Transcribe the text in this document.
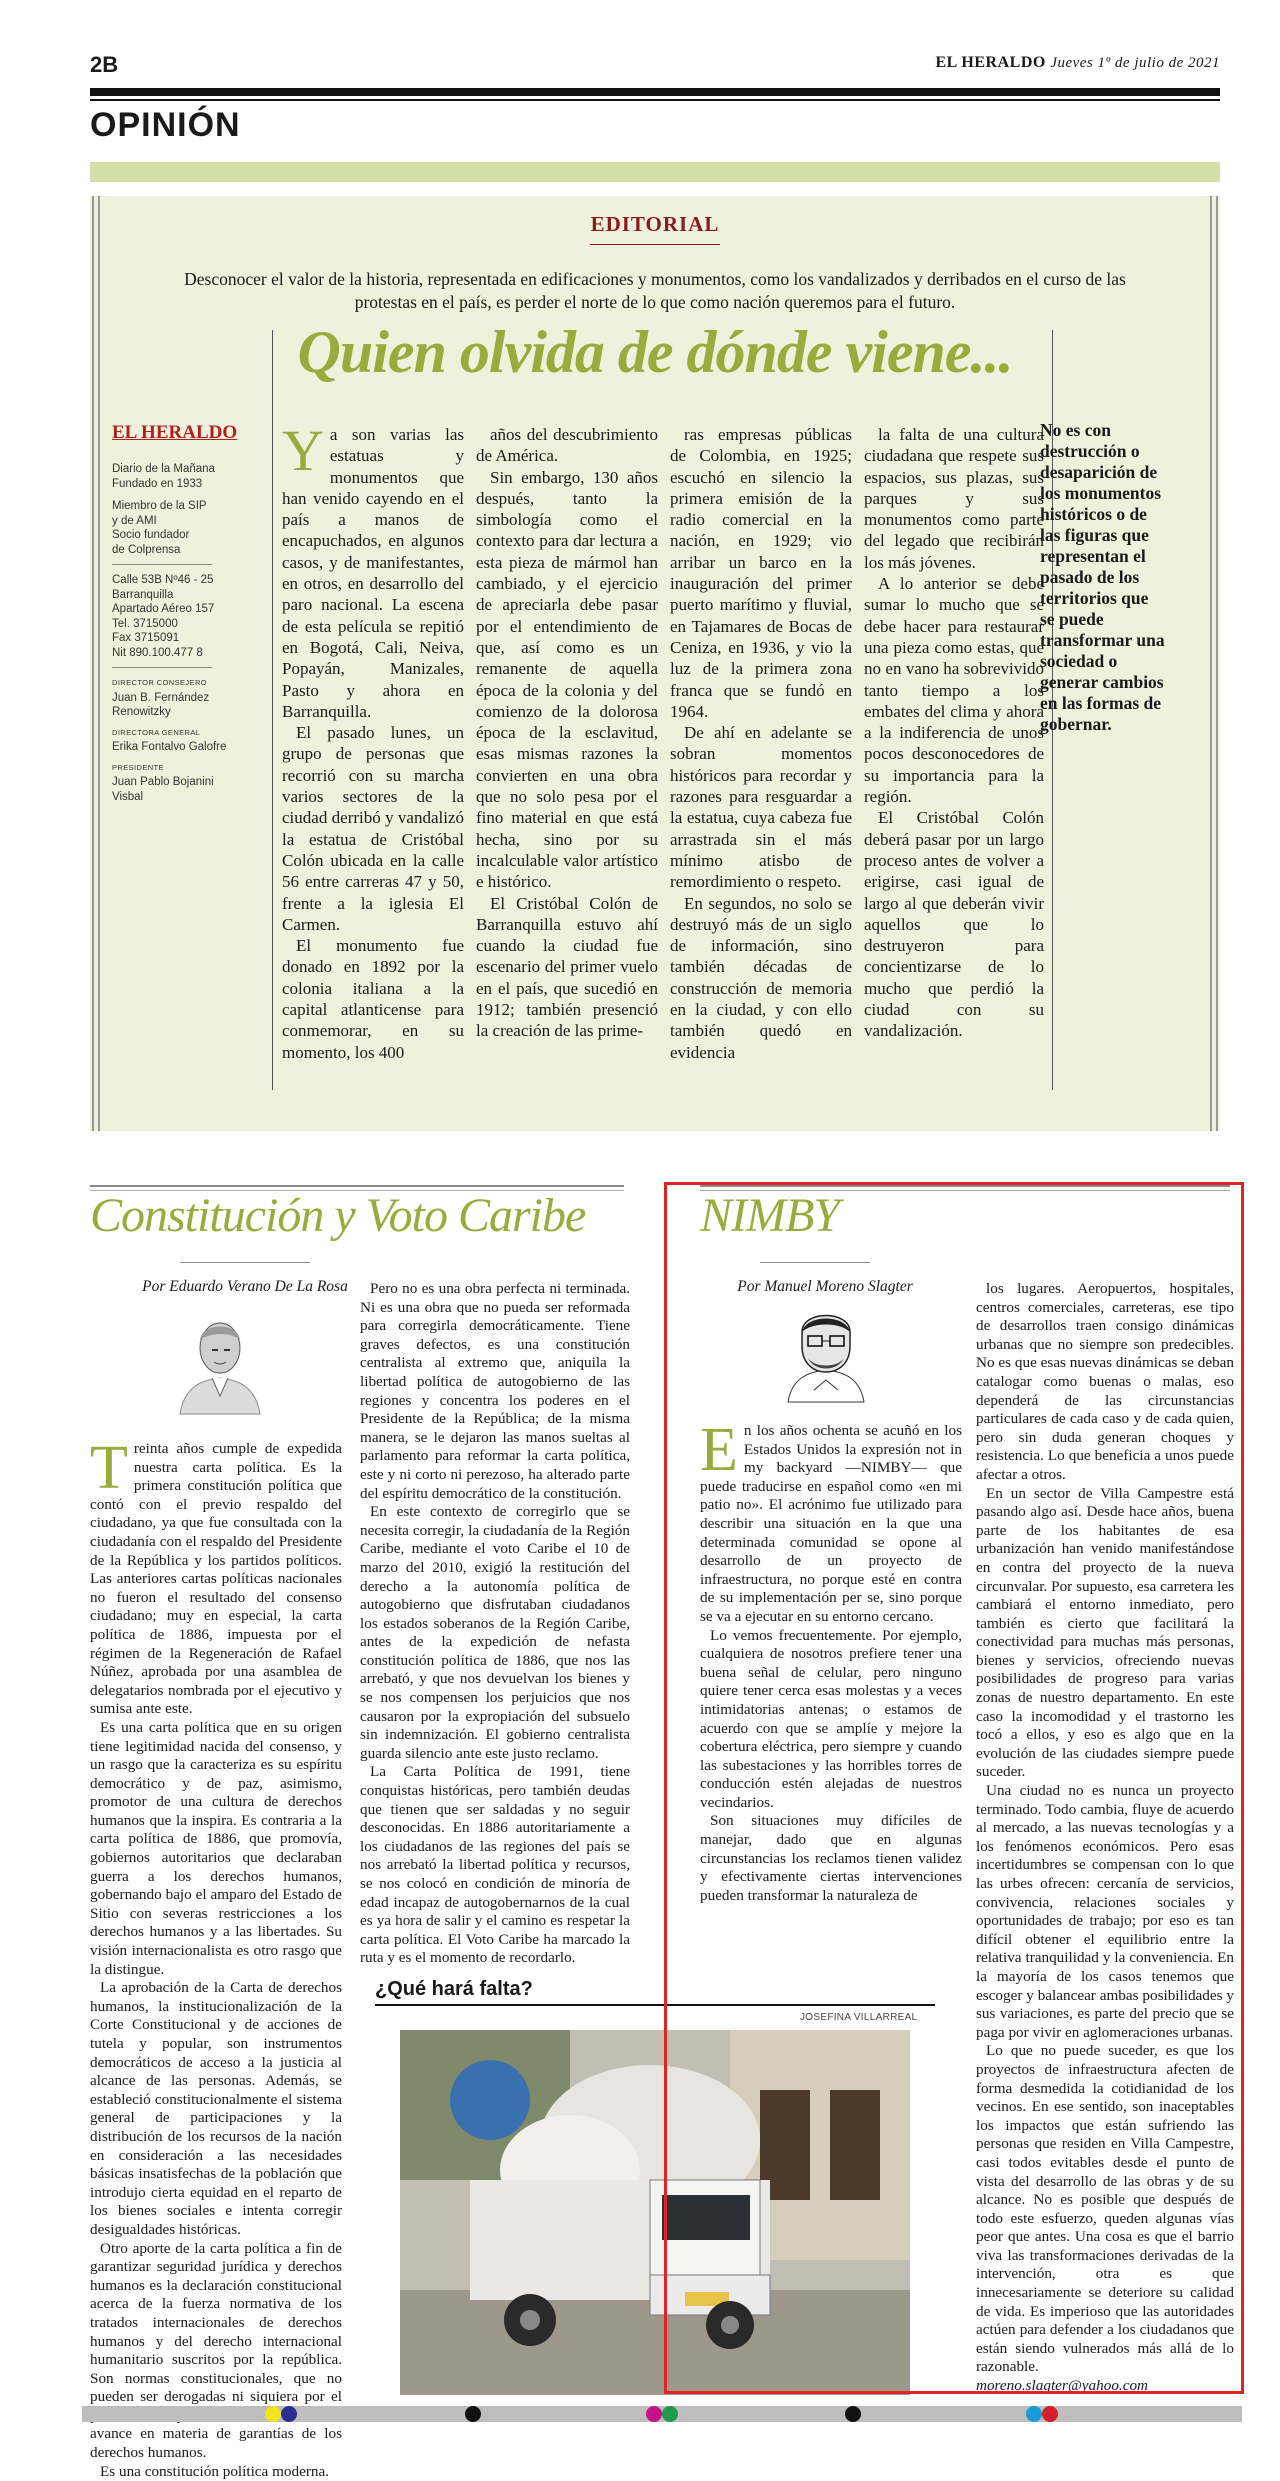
2B	EL HERALDO Jueves 1º de julio de 2021
OPINIÓN
EDITORIAL
Desconocer el valor de la historia, representada en edificaciones y monumentos, como los vandalizados y derribados en el curso de las protestas en el país, es perder el norte de lo que como nación queremos para el futuro.
Quien olvida de dónde viene...
EL HERALDO
Diario de la Mañana
Fundado en 1933
Miembro de la SIP
y de AMI
Socio fundador
de Colprensa
Calle 53B Nº46 - 25
Barranquilla
Apartado Aéreo 157
Tel. 3715000
Fax 3715091
Nit 890.100.477 8
DIRECTOR CONSEJERO
Juan B. Fernández
Renowitzky
DIRECTORA GENERAL
Erika Fontalvo Galofre
PRESIDENTE
Juan Pablo Bojanini
Visbal

Ya son varias las estatuas y monumentos que han venido cayendo en el país a manos de encapuchados, en algunos casos, y de manifestantes, en otros, en desarrollo del paro nacional. La escena de esta película se repitió en Bogotá, Cali, Neiva, Popayán, Manizales, Pasto y ahora en Barranquilla.

El pasado lunes, un grupo de personas que recorrió con su marcha varios sectores de la ciudad derribó y vandalizó la estatua de Cristóbal Colón ubicada en la calle 56 entre carreras 47 y 50, frente a la iglesia El Carmen.

El monumento fue donado en 1892 por la colonia italiana a la capital atlanticense para conmemorar, en su momento, los 400

años del descubrimiento de América.

Sin embargo, 130 años después, tanto la simbología como el contexto para dar lectura a esta pieza de mármol han cambiado, y el ejercicio de apreciarla debe pasar por el entendimiento de que, así como es un remanente de aquella época de la colonia y del comienzo de la dolorosa época de la esclavitud, esas mismas razones la convierten en una obra que no solo pesa por el fino material en que está hecha, sino por su incalculable valor artístico e histórico.

El Cristóbal Colón de Barranquilla estuvo ahí cuando la ciudad fue escenario del primer vuelo en el país, que sucedió en 1912; también presenció la creación de las prime-

ras empresas públicas de Colombia, en 1925; escuchó en silencio la primera emisión de la radio comercial en la nación, en 1929; vio arribar un barco en la inauguración del primer puerto marítimo y fluvial, en Tajamares de Bocas de Ceniza, en 1936, y vio la luz de la primera zona franca que se fundó en 1964.

De ahí en adelante se sobran momentos históricos para recordar y razones para resguardar a la estatua, cuya cabeza fue arrastrada sin el más mínimo atisbo de remordimiento o respeto.

En segundos, no solo se destruyó más de un siglo de información, sino también décadas de construcción de memoria en la ciudad, y con ello también quedó en evidencia

la falta de una cultura ciudadana que respete sus espacios, sus plazas, sus parques y sus monumentos como parte del legado que recibirán los más jóvenes.

A lo anterior se debe sumar lo mucho que se debe hacer para restaurar una pieza como estas, que no en vano ha sobrevivido tanto tiempo a los embates del clima y ahora a la indiferencia de unos pocos desconocedores de su importancia para la región.

El Cristóbal Colón deberá pasar por un largo proceso antes de volver a erigirse, casi igual de largo al que deberán vivir aquellos que lo destruyeron para concientizarse de lo mucho que perdió la ciudad con su vandalización.

No es con destrucción o desaparición de los monumentos históricos o de las figuras que representan el pasado de los territorios que se puede transformar una sociedad o generar cambios en las formas de gobernar.
Constitución y Voto Caribe
Por Eduardo Verano De La Rosa

Treinta años cumple de expedida nuestra carta política. Es la primera constitución política que contó con el previo respaldo del ciudadano, ya que fue consultada con la ciudadanía con el respaldo del Presidente de la República y los partidos políticos. Las anteriores cartas políticas nacionales no fueron el resultado del consenso ciudadano; muy en especial, la carta política de 1886, impuesta por el régimen de la Regeneración de Rafael Núñez, aprobada por una asamblea de delegatarios nombrada por el ejecutivo y sumisa ante este.

Es una carta política que en su origen tiene legitimidad nacida del consenso, y un rasgo que la caracteriza es su espíritu democrático y de paz, asimismo, promotor de una cultura de derechos humanos que la inspira. Es contraria a la carta política de 1886, que promovía, gobiernos autoritarios que declaraban guerra a los derechos humanos, gobernando bajo el amparo del Estado de Sitio con severas restricciones a los derechos humanos y a las libertades. Su visión internacionalista es otro rasgo que la distingue.

La aprobación de la Carta de derechos humanos, la institucionalización de la Corte Constitucional y de acciones de tutela y popular, son instrumentos democráticos de acceso a la justicia al alcance de las personas. Además, se estableció constitucionalmente el sistema general de participaciones y la distribución de los recursos de la nación en consideración a las necesidades básicas insatisfechas de la población que introdujo cierta equidad en el reparto de los bienes sociales e intenta corregir desigualdades históricas.

Otro aporte de la carta política a fin de garantizar seguridad jurídica y derechos humanos es la declaración constitucional acerca de la fuerza normativa de los tratados internacionales de derechos humanos y del derecho internacional humanitario suscritos por la república. Son normas constitucionales, que no pueden ser derogadas ni siquiera por el avance en materia de garantías de los derechos humanos.

Es una constitución política moderna.

Pero no es una obra perfecta ni terminada. Ni es una obra que no pueda ser reformada para corregirla democráticamente. Tiene graves defectos, es una constitución centralista al extremo que, aniquila la libertad política de autogobierno de las regiones y concentra los poderes en el Presidente de la República; de la misma manera, se le dejaron las manos sueltas al parlamento para reformar la carta política, este y ni corto ni perezoso, ha alterado parte del espíritu democrático de la constitución.

En este contexto de corregirlo que se necesita corregir, la ciudadanía de la Región Caribe, mediante el voto Caribe el 10 de marzo del 2010, exigió la restitución del derecho a la autonomía política de autogobierno que disfrutaban ciudadanos los estados soberanos de la Región Caribe, antes de la expedición de nefasta constitución política de 1886, que nos las arrebató, y que nos devuelvan los bienes y se nos compensen los perjuicios que nos causaron por la expropiación del subsuelo sin indemnización. El gobierno centralista guarda silencio ante este justo reclamo.

La Carta Política de 1991, tiene conquistas históricas, pero también deudas que tienen que ser saldadas y no seguir desconocidas. En 1886 autoritariamente a los ciudadanos de las regiones del país se nos arrebató la libertad política y recursos, se nos colocó en condición de minoría de edad incapaz de autogobernarnos de la cual es ya hora de salir y el camino es respetar la carta política. El Voto Caribe ha marcado la ruta y es el momento de recordarlo.

¿Qué hará falta?
JOSEFINA VILLARREAL
NIMBY
Por Manuel Moreno Slagter

En los años ochenta se acuñó en los Estados Unidos la expresión not in my backyard —NIMBY— que puede traducirse en español como «en mi patio no». El acrónimo fue utilizado para describir una situación en la que una determinada comunidad se opone al desarrollo de un proyecto de infraestructura, no porque esté en contra de su implementación per se, sino porque se va a ejecutar en su entorno cercano.

Lo vemos frecuentemente. Por ejemplo, cualquiera de nosotros prefiere tener una buena señal de celular, pero ninguno quiere tener cerca esas molestas y a veces intimidatorias antenas; o estamos de acuerdo con que se amplíe y mejore la cobertura eléctrica, pero siempre y cuando las subestaciones y las horribles torres de conducción estén alejadas de nuestros vecindarios.

Son situaciones muy difíciles de manejar, dado que en algunas circunstancias los reclamos tienen validez y efectivamente ciertas intervenciones pueden transformar la naturaleza de

los lugares. Aeropuertos, hospitales, centros comerciales, carreteras, ese tipo de desarrollos traen consigo dinámicas urbanas que no siempre son predecibles. No es que esas nuevas dinámicas se deban catalogar como buenas o malas, eso dependerá de las circunstancias particulares de cada caso y de cada quien, pero sin duda generan choques y resistencia. Lo que beneficia a unos puede afectar a otros.

En un sector de Villa Campestre está pasando algo así. Desde hace años, buena parte de los habitantes de esa urbanización han venido manifestándose en contra del proyecto de la nueva circunvalar. Por supuesto, esa carretera les cambiará el entorno inmediato, pero también es cierto que facilitará la conectividad para muchas más personas, bienes y servicios, ofreciendo nuevas posibilidades de progreso para varias zonas de nuestro departamento. En este caso la incomodidad y el trastorno les tocó a ellos, y eso es algo que en la evolución de las ciudades siempre puede suceder.

Una ciudad no es nunca un proyecto terminado. Todo cambia, fluye de acuerdo al mercado, a las nuevas tecnologías y a los fenómenos económicos. Pero esas incertidumbres se compensan con lo que las urbes ofrecen: cercanía de servicios, convivencia, relaciones sociales y oportunidades de trabajo; por eso es tan difícil obtener el equilibrio entre la relativa tranquilidad y la conveniencia. En la mayoría de los casos tenemos que escoger y balancear ambas posibilidades y sus variaciones, es parte del precio que se paga por vivir en aglomeraciones urbanas.

Lo que no puede suceder, es que los proyectos de infraestructura afecten de forma desmedida la cotidianidad de los vecinos. En ese sentido, son inaceptables los impactos que están sufriendo las personas que residen en Villa Campestre, casi todos evitables desde el punto de vista del desarrollo de las obras y de su alcance. No es posible que después de todo este esfuerzo, queden algunas vías peor que antes. Una cosa es que el barrio viva las transformaciones derivadas de la intervención, otra es que innecesariamente se deteriore su calidad de vida. Es imperioso que las autoridades actúen para defender a los ciudadanos que están siendo vulnerados más allá de lo razonable.

moreno.slagter@yahoo.com
